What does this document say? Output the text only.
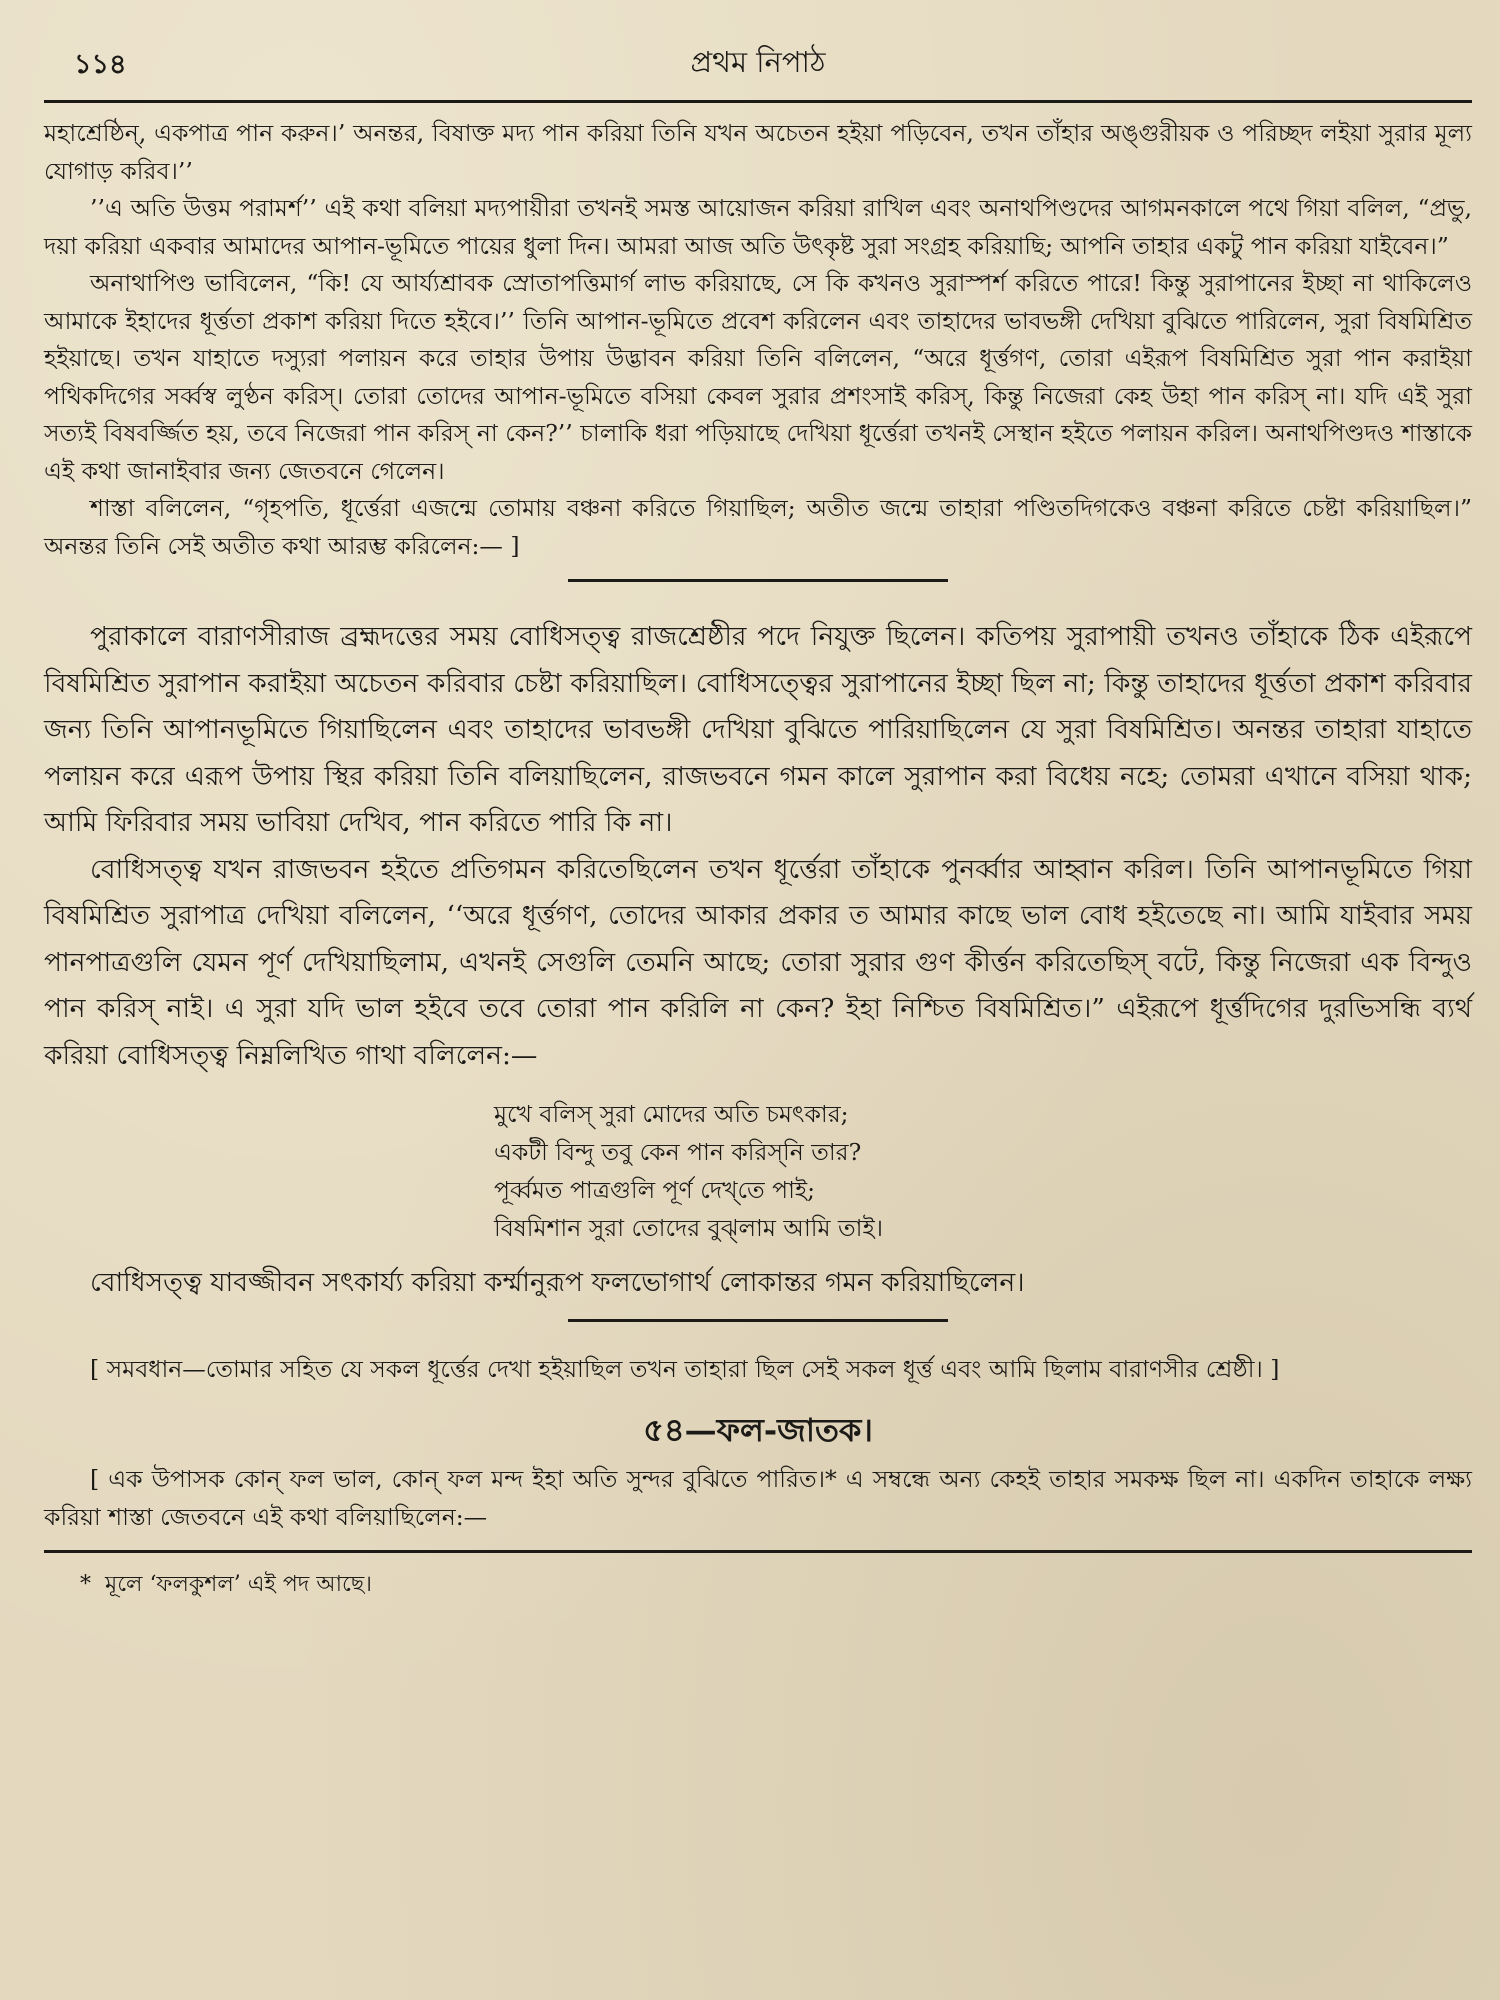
১১৪	প্রথম নিপাঠ

মহাশ্রেষ্ঠিন্, একপাত্র পান করুন।’ অনন্তর, বিষাক্ত মদ্য পান করিয়া তিনি যখন অচেতন হইয়া পড়িবেন, তখন তাঁহার অঙ্গুরীয়ক ও পরিচ্ছদ লইয়া সুরার মূল্য যোগাড় করিব।’’

’’এ অতি উত্তম পরামর্শ’’ এই কথা বলিয়া মদ্যপায়ীরা তখনই সমস্ত আয়োজন করিয়া রাখিল এবং অনাথপিণ্ডদের আগমনকালে পথে গিয়া বলিল, “প্রভু, দয়া করিয়া একবার আমাদের আপান-ভূমিতে পায়ের ধুলা দিন। আমরা আজ অতি উৎকৃষ্ট সুরা সংগ্রহ করিয়াছি; আপনি তাহার একটু পান করিয়া যাইবেন।”

অনাথাপিণ্ড ভাবিলেন, “কি! যে আর্য্যশ্রাবক স্রোতাপত্তিমার্গ লাভ করিয়াছে, সে কি কখনও সুরাস্পর্শ করিতে পারে! কিন্তু সুরাপানের ইচ্ছা না থাকিলেও আমাকে ইহাদের ধূর্ত্ততা প্রকাশ করিয়া দিতে হইবে।’’ তিনি আপান-ভূমিতে প্রবেশ করিলেন এবং তাহাদের ভাবভঙ্গী দেখিয়া বুঝিতে পারিলেন, সুরা বিষমিশ্রিত হইয়াছে। তখন যাহাতে দস্যুরা পলায়ন করে তাহার উপায় উদ্ভাবন করিয়া তিনি বলিলেন, “অরে ধূর্ত্তগণ, তোরা এইরূপ বিষমিশ্রিত সুরা পান করাইয়া পথিকদিগের সর্ব্বস্ব লুণ্ঠন করিস্। তোরা তোদের আপান-ভূমিতে বসিয়া কেবল সুরার প্রশংসাই করিস্, কিন্তু নিজেরা কেহ উহা পান করিস্ না। যদি এই সুরা সত্যই বিষবর্জ্জিত হয়, তবে নিজেরা পান করিস্ না কেন?’’ চালাকি ধরা পড়িয়াছে দেখিয়া ধূর্ত্তেরা তখনই সেস্থান হইতে পলায়ন করিল। অনাথপিণ্ডদও শাস্তাকে এই কথা জানাইবার জন্য জেতবনে গেলেন।

শাস্তা বলিলেন, “গৃহপতি, ধূর্ত্তেরা এজন্মে তোমায় বঞ্চনা করিতে গিয়াছিল; অতীত জন্মে তাহারা পণ্ডিতদিগকেও বঞ্চনা করিতে চেষ্টা করিয়াছিল।” অনন্তর তিনি সেই অতীত কথা আরম্ভ করিলেন:— ]

পুরাকালে বারাণসীরাজ ব্রহ্মদত্তের সময় বোধিসত্ত্ব রাজশ্রেষ্ঠীর পদে নিযুক্ত ছিলেন। কতিপয় সুরাপায়ী তখনও তাঁহাকে ঠিক এইরূপে বিষমিশ্রিত সুরাপান করাইয়া অচেতন করিবার চেষ্টা করিয়াছিল। বোধিসত্ত্বের সুরাপানের ইচ্ছা ছিল না; কিন্তু তাহাদের ধূর্ত্ততা প্রকাশ করিবার জন্য তিনি আপানভূমিতে গিয়াছিলেন এবং তাহাদের ভাবভঙ্গী দেখিয়া বুঝিতে পারিয়াছিলেন যে সুরা বিষমিশ্রিত। অনন্তর তাহারা যাহাতে পলায়ন করে এরূপ উপায় স্থির করিয়া তিনি বলিয়াছিলেন, রাজভবনে গমন কালে সুরাপান করা বিধেয় নহে; তোমরা এখানে বসিয়া থাক; আমি ফিরিবার সময় ভাবিয়া দেখিব, পান করিতে পারি কি না।

বোধিসত্ত্ব যখন রাজভবন হইতে প্রতিগমন করিতেছিলেন তখন ধূর্ত্তেরা তাঁহাকে পুনর্ব্বার আহ্বান করিল। তিনি আপানভূমিতে গিয়া বিষমিশ্রিত সুরাপাত্র দেখিয়া বলিলেন, ‘‘অরে ধূর্ত্তগণ, তোদের আকার প্রকার ত আমার কাছে ভাল বোধ হইতেছে না। আমি যাইবার সময় পানপাত্রগুলি যেমন পূর্ণ দেখিয়াছিলাম, এখনই সেগুলি তেমনি আছে; তোরা সুরার গুণ কীর্ত্তন করিতেছিস্ বটে, কিন্তু নিজেরা এক বিন্দুও পান করিস্ নাই। এ সুরা যদি ভাল হইবে তবে তোরা পান করিলি না কেন? ইহা নিশ্চিত বিষমিশ্রিত।” এইরূপে ধূর্ত্তদিগের দুরভিসন্ধি ব্যর্থ করিয়া বোধিসত্ত্ব নিম্নলিখিত গাথা বলিলেন:—

মুখে বলিস্ সুরা মোদের অতি চমৎকার;
একটী বিন্দু তবু কেন পান করিস্‌নি তার?
পূর্ব্বমত পাত্রগুলি পূর্ণ দেখ্‌তে পাই;
বিষমিশান সুরা তোদের বুঝ্‌লাম আমি তাই।
বোধিসত্ত্ব যাবজ্জীবন সৎকার্য্য করিয়া কর্ম্মানুরূপ ফলভোগার্থ লোকান্তর গমন করিয়াছিলেন।
[ সমবধান—তোমার সহিত যে সকল ধূর্ত্তের দেখা হইয়াছিল তখন তাহারা ছিল সেই সকল ধূর্ত্ত এবং আমি ছিলাম বারাণসীর শ্রেষ্ঠী। ]
৫৪—ফল-জাতক।
[ এক উপাসক কোন্ ফল ভাল, কোন্ ফল মন্দ ইহা অতি সুন্দর বুঝিতে পারিত।* এ সম্বন্ধে অন্য কেহই তাহার সমকক্ষ ছিল না। একদিন তাহাকে লক্ষ্য করিয়া শাস্তা জেতবনে এই কথা বলিয়াছিলেন:—
* মূলে ‘ফলকুশল’ এই পদ আছে।
